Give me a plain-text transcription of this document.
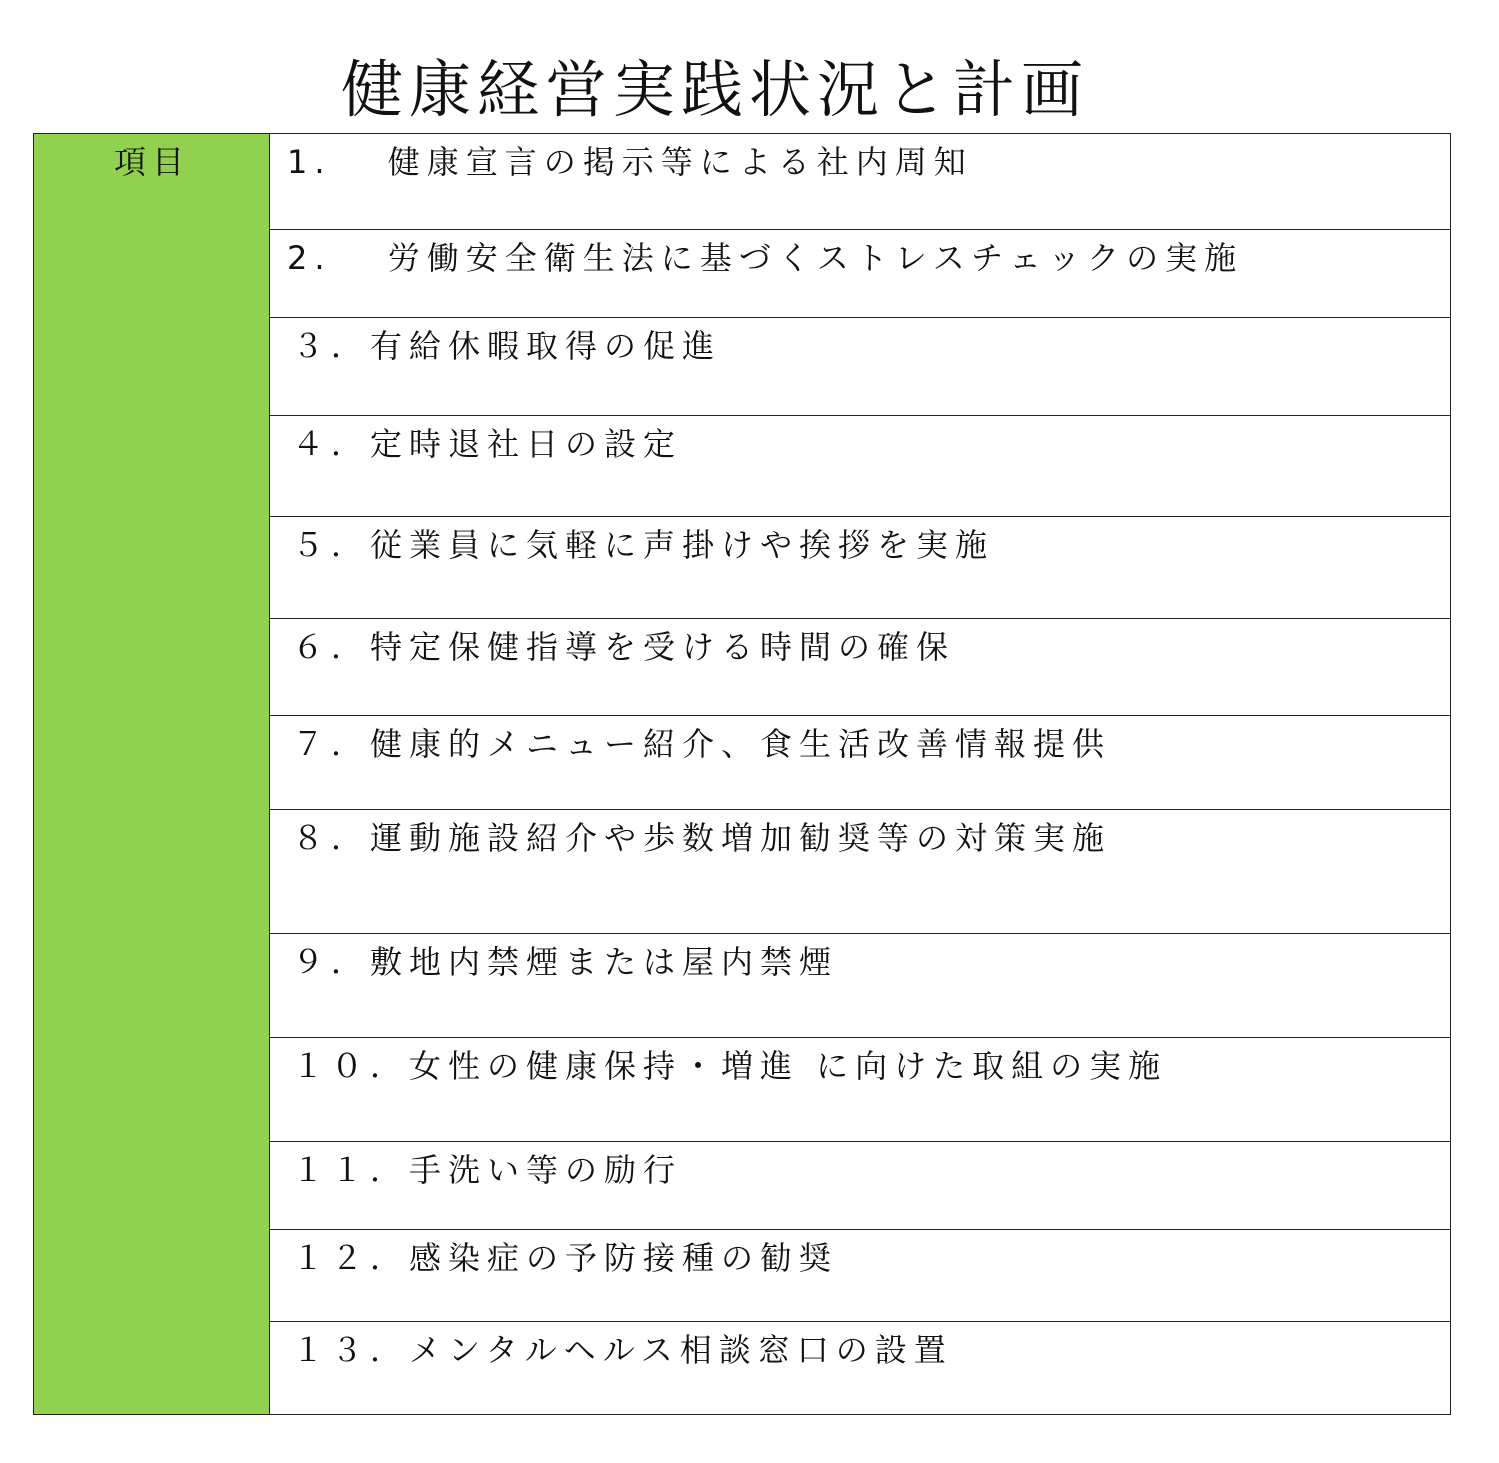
健康経営実践状況と計画
項目	1.　 健康宣言の掲示等による社内周知
2.　 労働安全衛生法に基づくストレスチェックの実施
３．有給休暇取得の促進
４．定時退社日の設定
５．従業員に気軽に声掛けや挨拶を実施
６．特定保健指導を受ける時間の確保
７．健康的メニュー紹介、食生活改善情報提供
８．運動施設紹介や歩数増加勧奨等の対策実施
９．敷地内禁煙または屋内禁煙
１０．女性の健康保持・増進 に向けた取組の実施
１１．手洗い等の励行
１２．感染症の予防接種の勧奨
１３．メンタルヘルス相談窓口の設置
